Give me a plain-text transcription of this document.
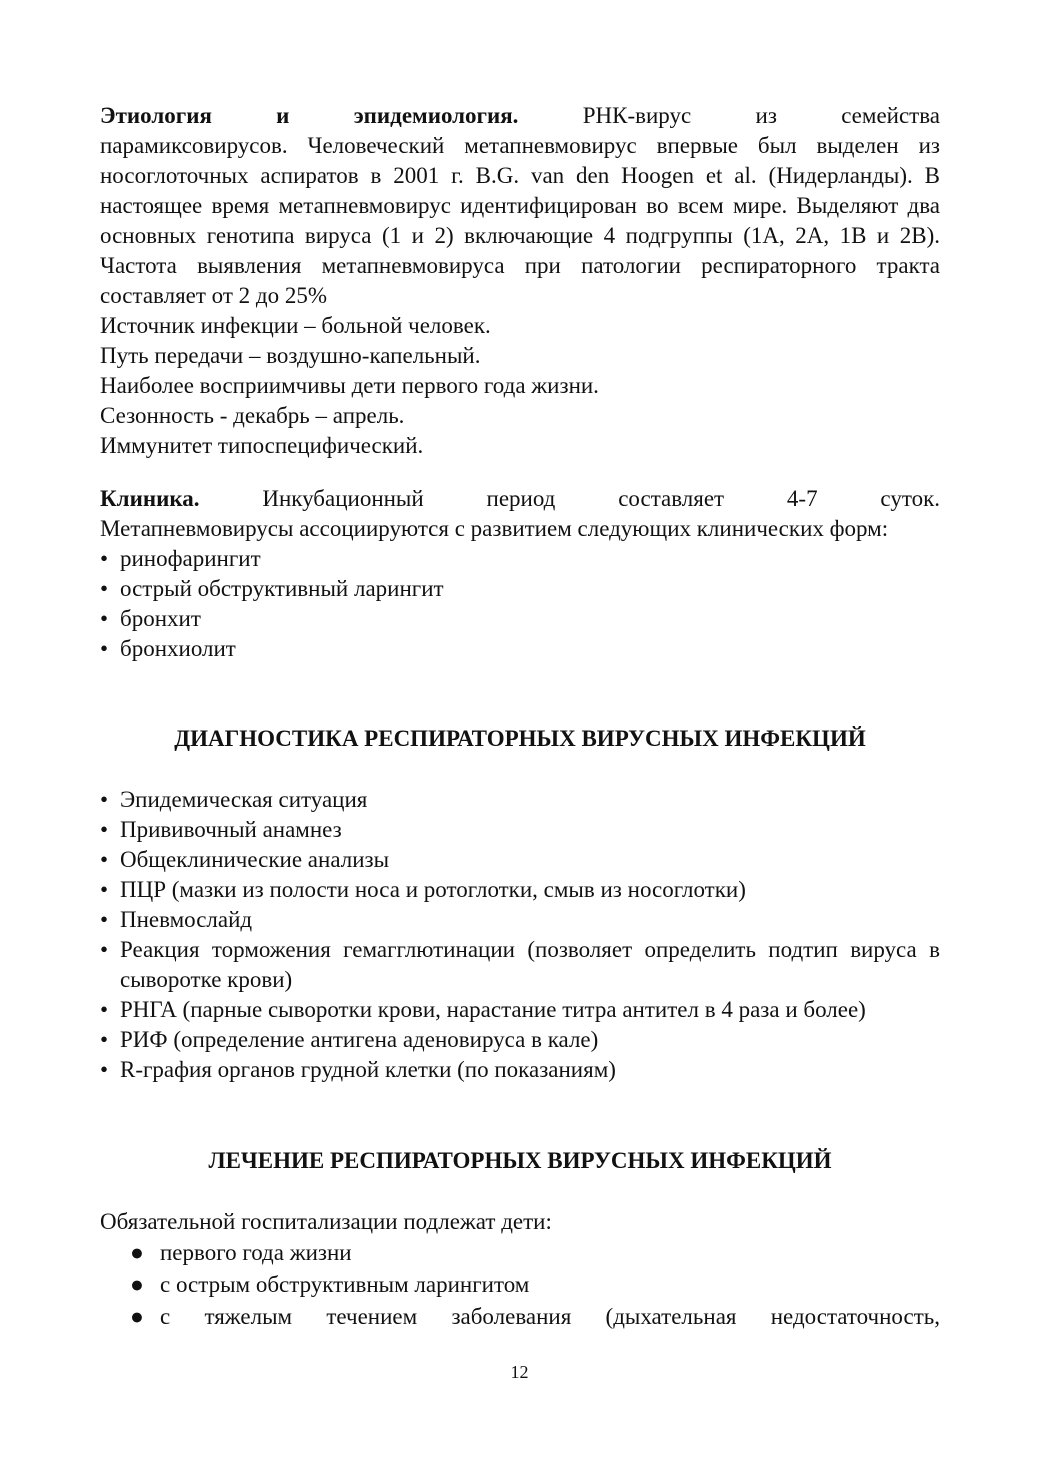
Этиология и эпидемиология.	РНК-вирус из семейства

парамиксовирусов. Человеческий метапневмовирус впервые был выделен из носоглоточных аспиратов в 2001 г. B.G. van den Hoogen et al. (Нидерланды). В настоящее время метапневмовирус идентифицирован во всем мире. Выделяют два основных генотипа вируса (1 и 2) включающие 4 подгруппы (1А, 2А, 1В и 2В). Частота выявления метапневмовируса при патологии респираторного тракта составляет от 2 до 25%

Источник инфекции – больной человек.

Путь передачи – воздушно-капельный.

Наиболее восприимчивы дети первого года жизни.

Сезонность - декабрь – апрель.

Иммунитет типоспецифический.

Клиника.	Инкубационный период составляет 4-7 суток.

Метапневмовирусы ассоциируются с развитием следующих клинических форм:

• ринофарингит
• острый обструктивный ларингит
• бронхит
• бронхиолит
ДИАГНОСТИКА РЕСПИРАТОРНЫХ ВИРУСНЫХ ИНФЕКЦИЙ
• Эпидемическая ситуация
• Прививочный анамнез
• Общеклинические анализы
• ПЦР (мазки из полости носа и ротоглотки, смыв из носоглотки)
• Пневмослайд
• Реакция торможения гемагглютинации (позволяет определить подтип вируса в сыворотке крови)
• РНГА (парные сыворотки крови, нарастание титра антител в 4 раза и более)
• РИФ (определение антигена аденовируса в кале)
• R-графия органов грудной клетки (по показаниям)
ЛЕЧЕНИЕ РЕСПИРАТОРНЫХ ВИРУСНЫХ ИНФЕКЦИЙ

Обязательной госпитализации подлежат дети:

● первого года жизни
● с острым обструктивным ларингитом
● с тяжелым течением заболевания (дыхательная недостаточность,
12
